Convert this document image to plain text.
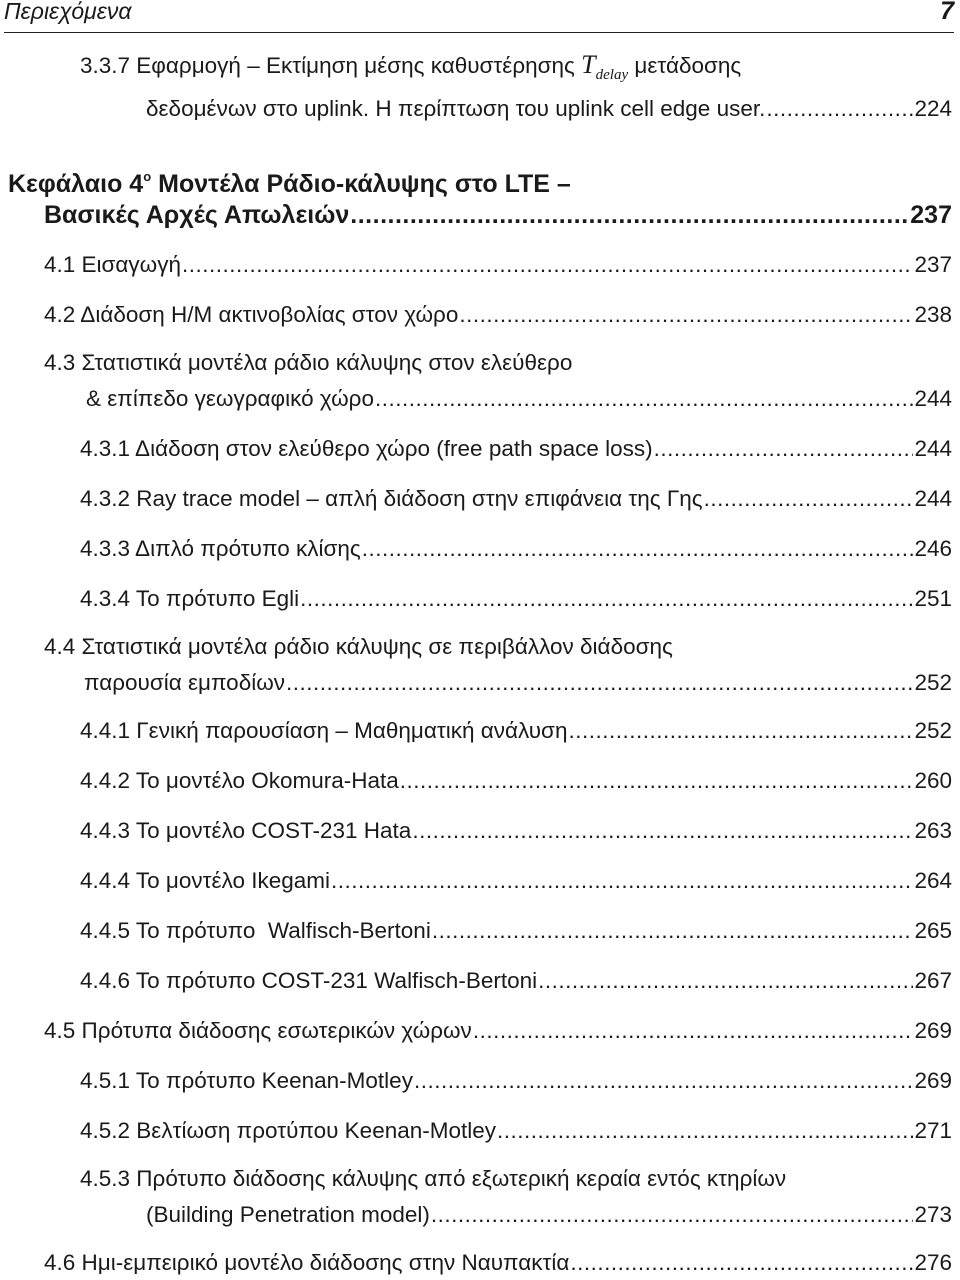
Περιεχόμενα	7
3.3.7 Εφαρμογή – Εκτίμηση μέσης καθυστέρησης $T_{delay}$ μετάδοσης
δεδομένων στο uplink. Η περίπτωση του uplink cell edge user. .....	224
Κεφάλαιο $4^o$ Μοντέλα Ράδιο-κάλυψης στο LTE –
Βασικές Αρχές Απωλειών .....	237
4.1 Εισαγωγή .....	237
4.2 Διάδοση Η/Μ ακτινοβολίας στον χώρο .....	238
4.3 Στατιστικά μοντέλα ράδιο κάλυψης στον ελεύθερο
& επίπεδο γεωγραφικό χώρο .....	244
4.3.1 Διάδοση στον ελεύθερο χώρο (free path space loss) .....	244
4.3.2 Ray trace model – απλή διάδοση στην επιφάνεια της Γης .....	244
4.3.3 Διπλό πρότυπο κλίσης .....	246
4.3.4 Το πρότυπο Egli .....	251
4.4 Στατιστικά μοντέλα ράδιο κάλυψης σε περιβάλλον διάδοσης
παρουσία εμποδίων .....	252
4.4.1 Γενική παρουσίαση – Μαθηματική ανάλυση .....	252
4.4.2 Το μοντέλο Okomura-Hata .....	260
4.4.3 Το μοντέλο COST-231 Hata .....	263
4.4.4 Το μοντέλο Ikegami .....	264
4.4.5 Το πρότυπο  Walfisch-Bertoni .....	265
4.4.6 Το πρότυπο COST-231 Walfisch-Bertoni .....	267
4.5 Πρότυπα διάδοσης εσωτερικών χώρων .....	269
4.5.1 Το πρότυπο Keenan-Motley .....	269
4.5.2 Βελτίωση προτύπου Keenan-Motley .....	271
4.5.3 Πρότυπο διάδοσης κάλυψης από εξωτερική κεραία εντός κτηρίων
(Building Penetration model) .....	273
4.6 Ημι-εμπειρικό μοντέλο διάδοσης στην Ναυπακτία .....	276
